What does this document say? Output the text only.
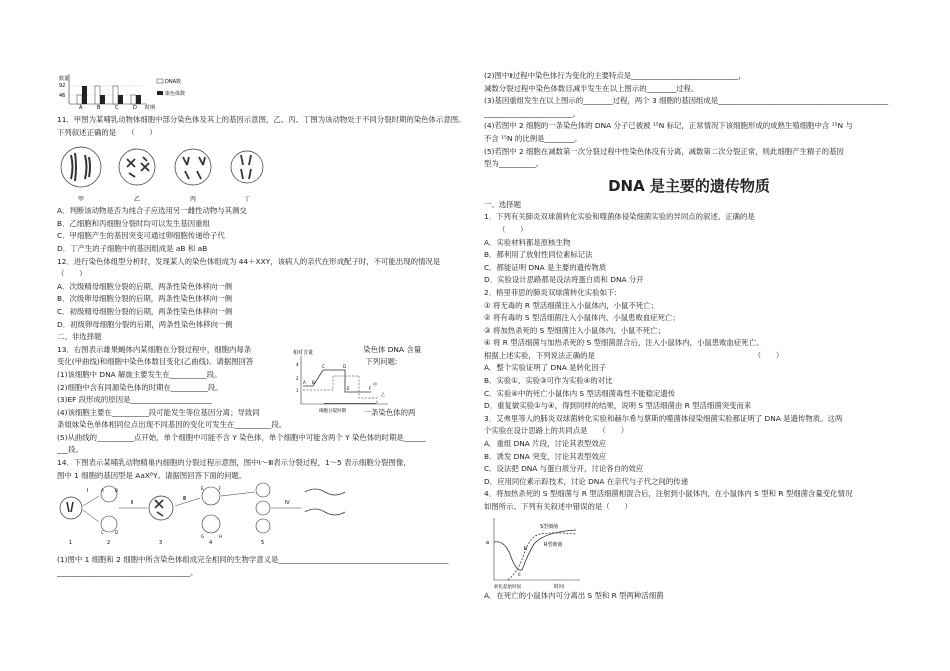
数量
92
46
A	B	C	D 时期
DNA数
染色体数
11．甲图为某哺乳动物体细胞中部分染色体及其上的基因示意图，乙、丙、丁图为该动物处于不同分裂时期的染色体示意图。下列叙述正确的是　　（　　）
甲	乙	丙	丁
A．判断该动物是否为纯合子应选用另一雌性动物与其测交
B．乙细胞和丙细胞分裂时均可以发生基因重组
C．甲细胞产生的基因突变可通过卵细胞传递给子代
D．丁产生的子细胞中的基因组成是 aB 和 aB
12．进行染色体组型分析时，发现某人的染色体组成为 44＋XXY，该病人的亲代在形成配子时，不可能出现的情况是　　　　（　　）
A．次级精母细胞分裂的后期，两条性染色体移向一侧
B．次级卵母细胞分裂的后期，两条性染色体移向一侧
C．初级精母细胞分裂的后期，两条性染色体移向一侧
D．初级卵母细胞分裂的后期，两条性染色体移向一侧
二、非选择题
13．右图表示雄果蝇体内某细胞在分裂过程中，细胞内每条	染色体 DNA 含量
变化(甲曲线)和细胞中染色体数目变化(乙曲线)。请据图回答	下列问题:
(1)该细胞中 DNA 解旋主要发生在__________段。
(2)细胞中含有同源染色体的时期在__________段。
(3)EF 段形成的原因是______________________	______________。
(4)该细胞主要在__________段可能发生等位基因分离；导致同	一条染色体的两
条姐妹染色单体相同位点出现不同基因的变化可发生在__________段。
相对含量
4
2
1
A B
C	D
E	F
甲
乙
细胞分裂时期
(5)从曲线的__________点开始，单个细胞中可能不含 Y 染色体，单个细胞中可能含两个 Y 染色体的时期是______
___段。
14．下图表示某哺乳动物精巢内细胞的分裂过程示意图，图中Ⅰ～Ⅲ表示分裂过程，1～5 表示细胞分裂图像，
图中 1 细胞的基因型是 AaXᴮY。请据图回答下面的问题。
Ⅰ
Ⅱ
Ⅲ
Ⅳ
A	B
C	D
E	F
G	H
1	2	3	4	5
(1)图中 1 细胞和 2 细胞中所含染色体组成完全相同的生物学意义是______________________________________________
____________________________________。
(2)图中Ⅱ过程中染色体行为变化的主要特点是_____________________________，
减数分裂过程中染色体数目减半发生在以上图示的________过程。
(3)基因重组发生在以上图示的________过程，两个 3 细胞的基因组成是______________________________________________
________________________。
(4)若图中 2 细胞的一条染色体的 DNA 分子已被被 ¹⁵N 标记，正常情况下该细胞形成的成熟生殖细胞中含 ¹⁵N 与
不含 ¹⁵N 的比例是________。
(5)若图中 2 细胞在减数第一次分裂过程中性染色体没有分离，减数第二次分裂正常，则此细胞产生精子的基因
型为__________。
DNA 是主要的遗传物质
一、选择题
1．下列有关肺炎双球菌转化实验和噬菌体侵染细菌实验的异同点的叙述，正确的是
（　　）
A．实验材料都是原核生物
B．都利用了放射性同位素标记法
C．都能证明 DNA 是主要的遗传物质
D．实验设计思路都是设法将蛋白质和 DNA 分开
2．格里菲思的肺炎双球菌转化实验如下:
① 将无毒的 R 型活细菌注入小鼠体内，小鼠不死亡；
② 将有毒的 S 型活细菌注入小鼠体内，小鼠患败血症死亡；
③ 将加热杀死的 S 型细菌注入小鼠体内，小鼠不死亡；
④ 将 R 型活细菌与加热杀死的 S 型细菌混合后，注入小鼠体内，小鼠患败血症死亡。
根据上述实验，下列说法正确的是　　　　　　　　　　　　　　　　　　　　　　（　　）
A．整个实验证明了 DNA 是转化因子
B．实验①、实验③可作为实验④的对比
C．实验④中的死亡小鼠体内 S 型活细菌毒性不能稳定遗传
D．重复做实验①与④，得到同样的结果，说明 S 型活细菌由 R 型活细菌突变而来
3．艾弗里等人的肺炎双球菌转化实验和赫尔希与蔡斯的噬菌体侵染细菌实验都证明了 DNA 是遗传物质。这两
个实验在设计思路上的共同点是　　（　　）
A．重组 DNA 片段，讨论其表型效应
B．诱发 DNA 突变，讨论其表型效应
C．设法把 DNA 与蛋白质分开，讨论各自的效应
D．应用同位素示踪技术，讨论 DNA 在亲代与子代之间的传递
4．将加热杀死的 S 型细菌与 R 型活细菌相混合后，注射到小鼠体内，在小鼠体内 S 型和 R 型细菌含量变化情况
如图所示。下列有关叙述中错误的是（　　）
a
S型细菌
R型细菌
b
c
时间
转化起始时间
A．在死亡的小鼠体内可分离出 S 型和 R 型两种活细菌
